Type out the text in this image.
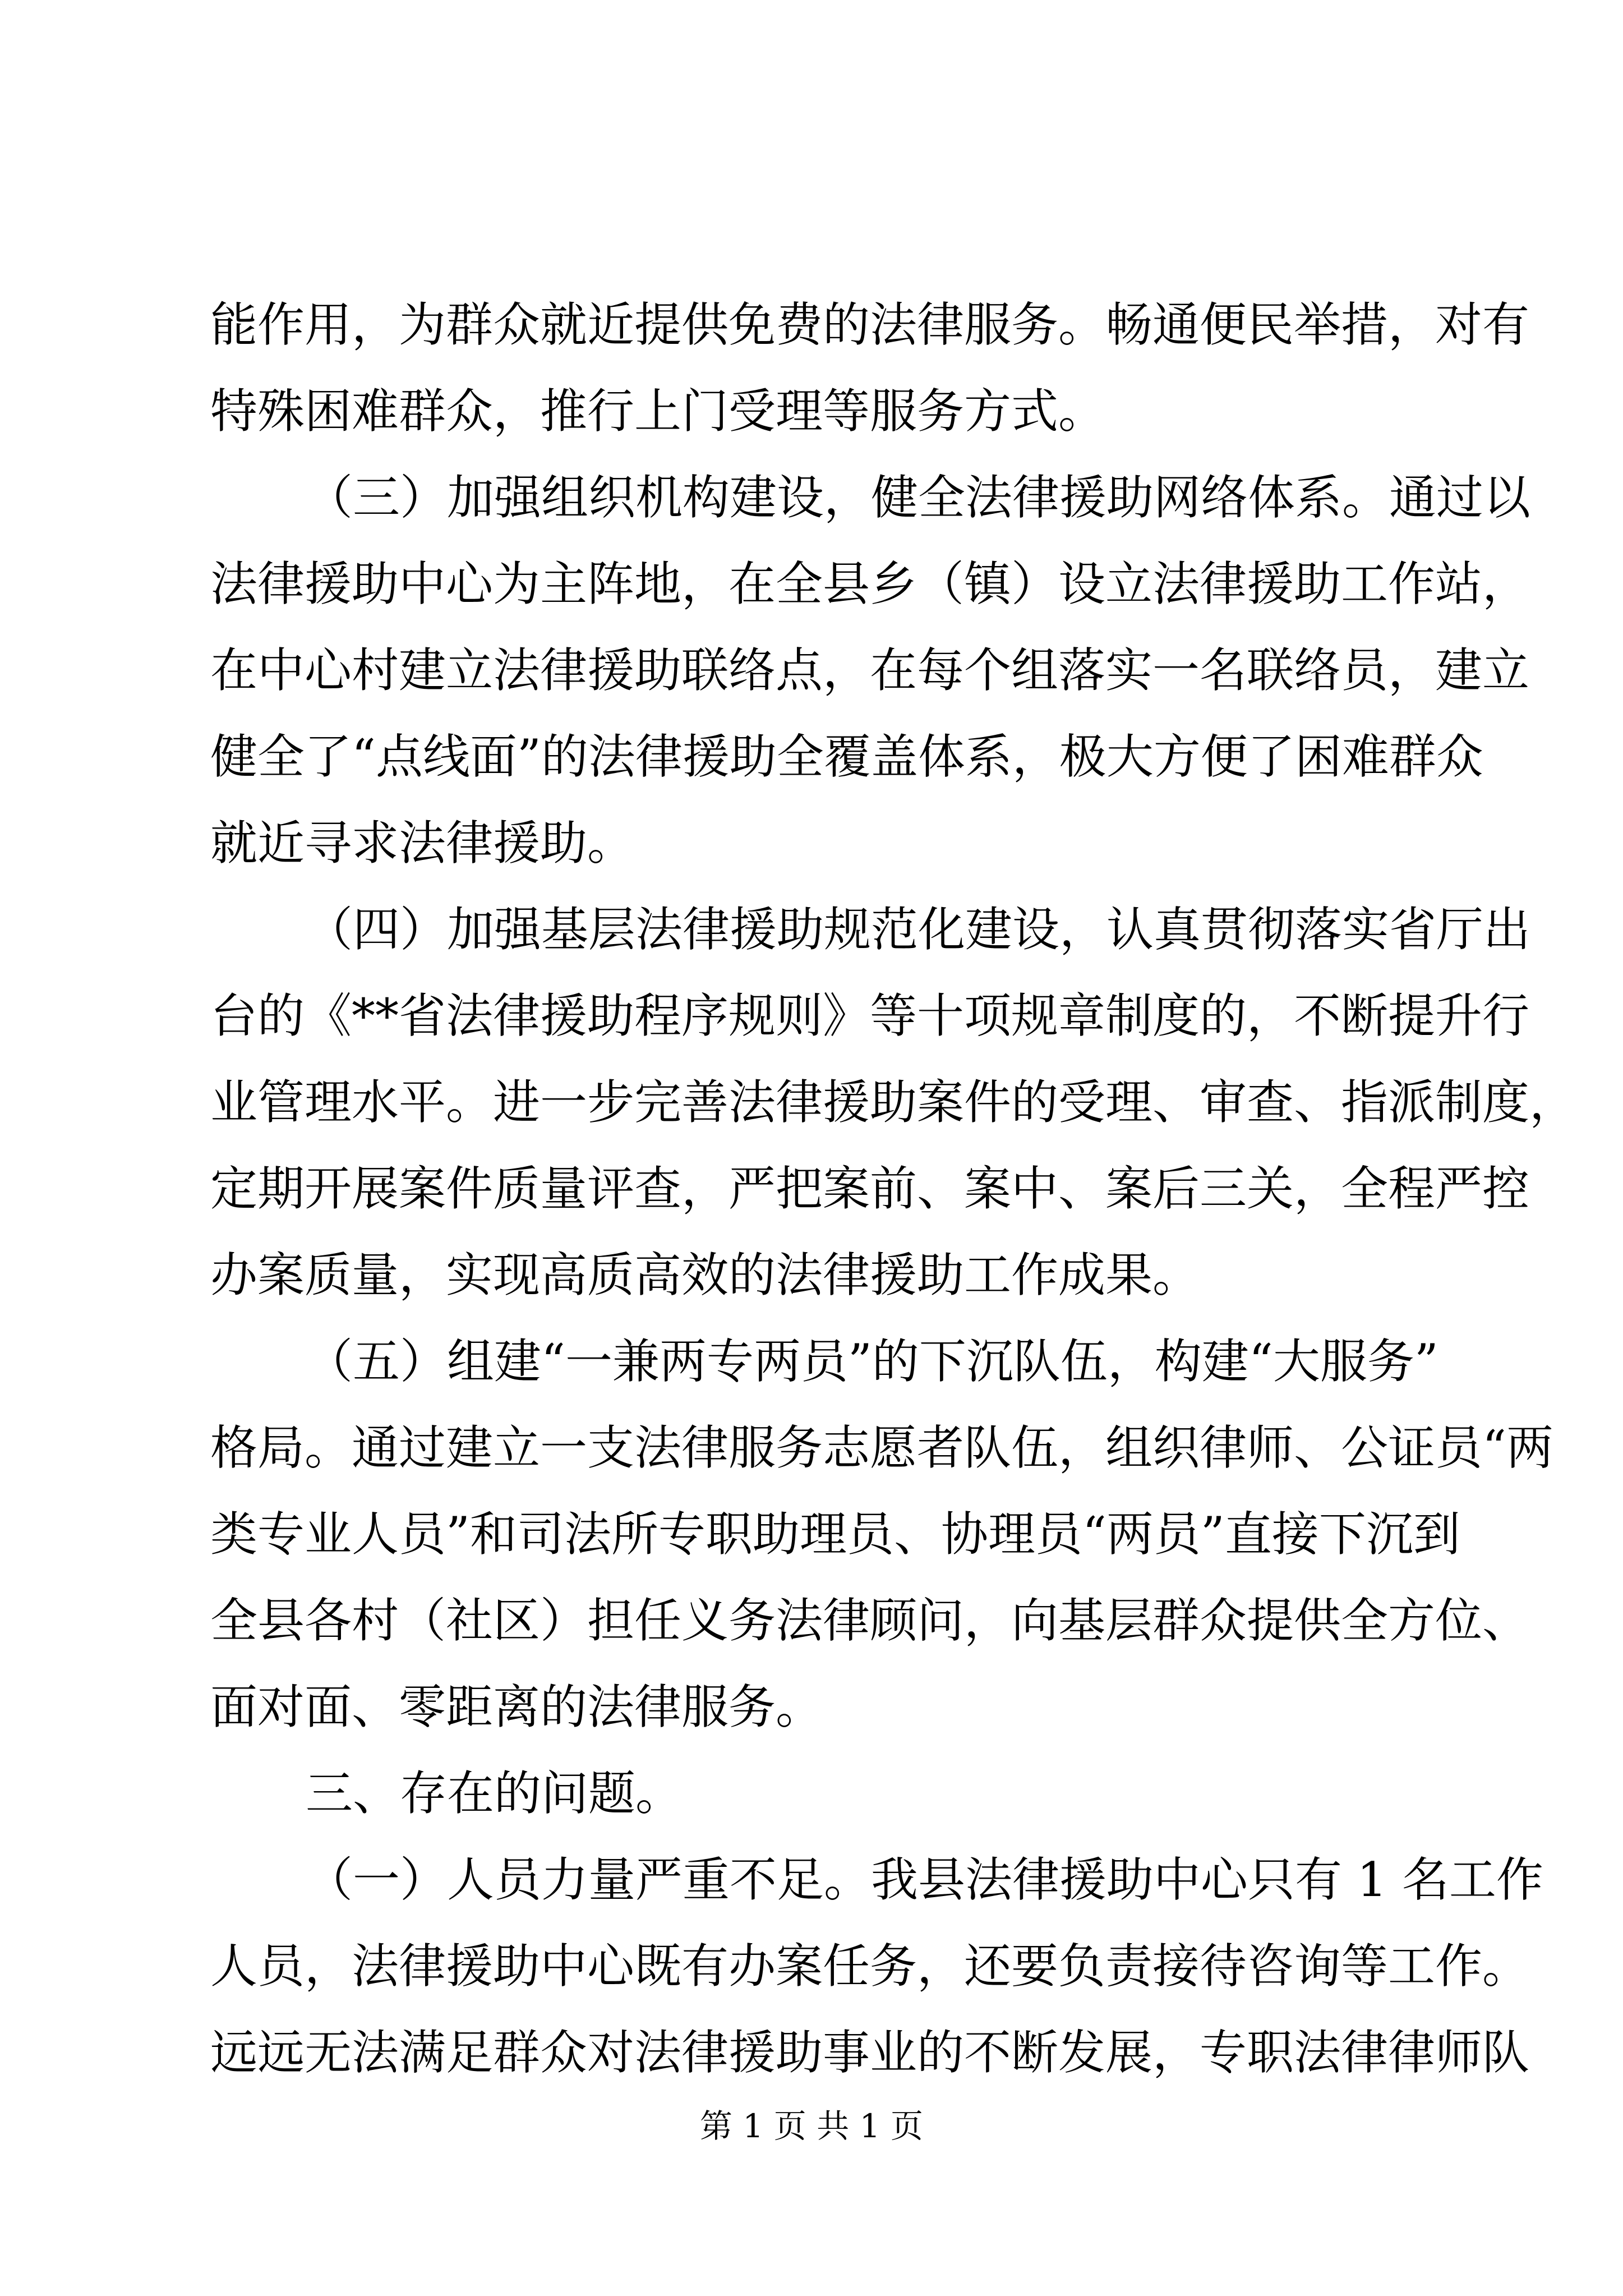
能作用，为群众就近提供免费的法律服务。畅通便民举措，对有
特殊困难群众，推行上门受理等服务方式。
（三）加强组织机构建设，健全法律援助网络体系。通过以
法律援助中心为主阵地，在全县乡（镇）设立法律援助工作站，
在中心村建立法律援助联络点，在每个组落实一名联络员，建立
健全了“点线面”的法律援助全覆盖体系，极大方便了困难群众
就近寻求法律援助。
（四）加强基层法律援助规范化建设，认真贯彻落实省厅出
台的《**省法律援助程序规则》等十项规章制度的，不断提升行
业管理水平。进一步完善法律援助案件的受理、审查、指派制度，
定期开展案件质量评查，严把案前、案中、案后三关，全程严控
办案质量，实现高质高效的法律援助工作成果。
（五）组建“一兼两专两员”的下沉队伍，构建“大服务”
格局。通过建立一支法律服务志愿者队伍，组织律师、公证员“两
类专业人员”和司法所专职助理员、协理员“两员”直接下沉到
全县各村（社区）担任义务法律顾问，向基层群众提供全方位、
面对面、零距离的法律服务。
三、存在的问题。
（一）人员力量严重不足。我县法律援助中心只有 1 名工作
人员，法律援助中心既有办案任务，还要负责接待咨询等工作。
远远无法满足群众对法律援助事业的不断发展，专职法律律师队
第 1 页 共 1 页
